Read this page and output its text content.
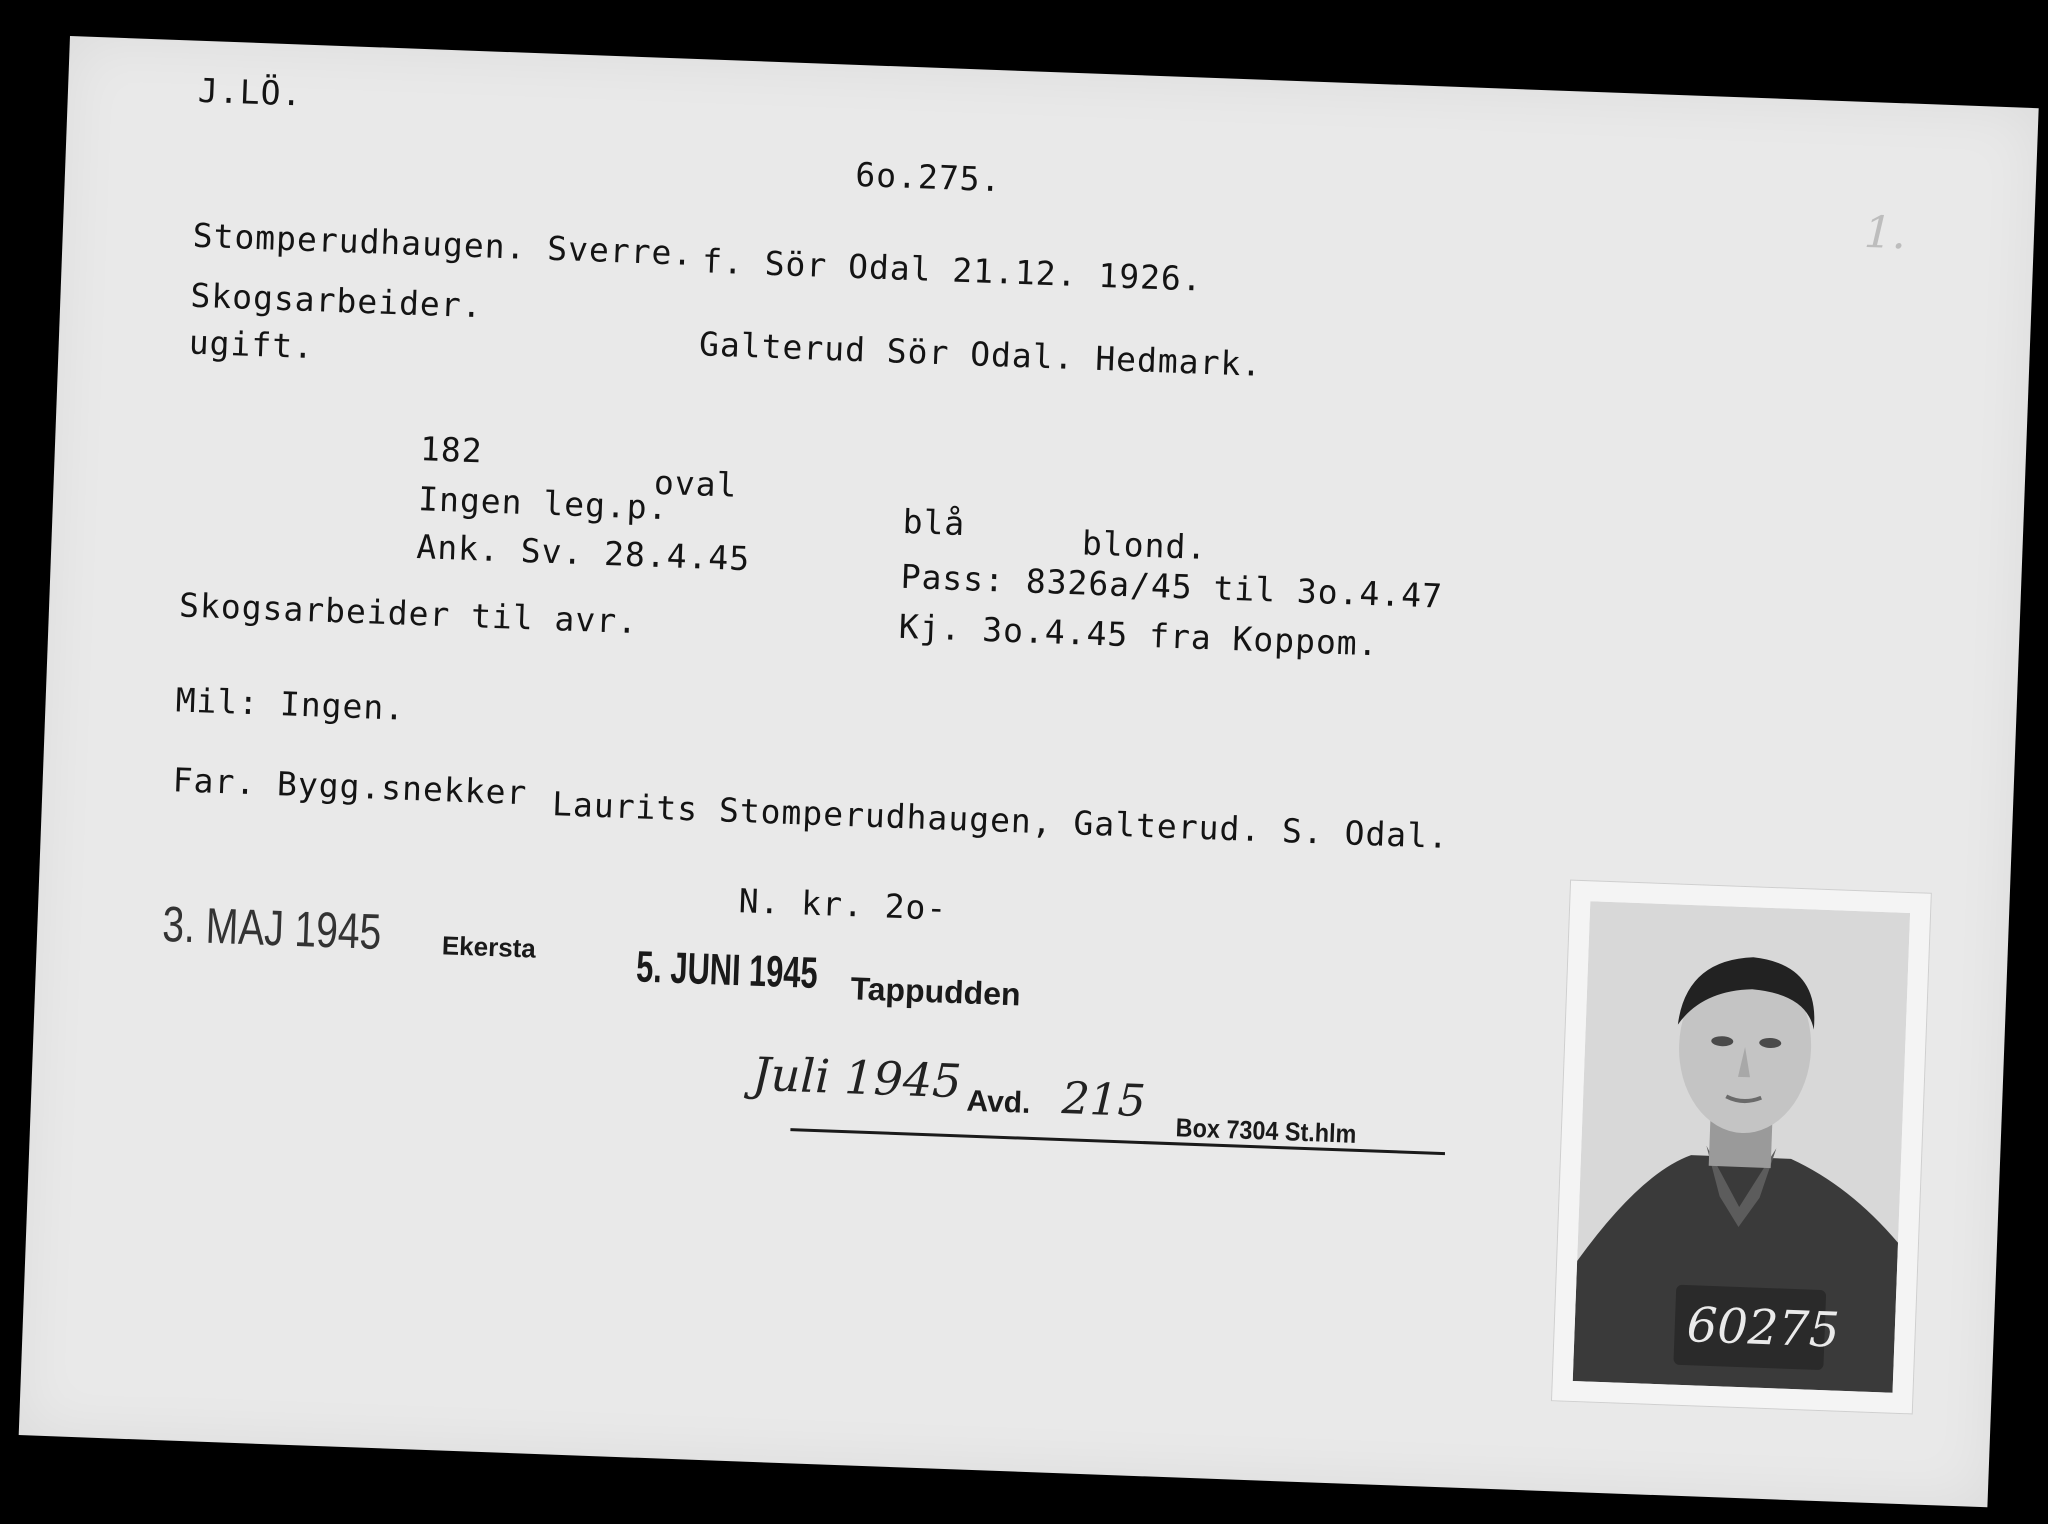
J.LÖ.
6o.275.
1.
Stomperudhaugen. Sverre. f. Sör Odal 21.12. 1926.
Skogsarbeider.
ugift.	Galterud Sör Odal. Hedmark.
182
oval
blå
blond.
Ingen leg.p.
Ank. Sv. 28.4.45
Pass: 8326a/45 til 3o.4.47
Kj. 3o.4.45 fra Koppom.
Skogsarbeider til avr.
Mil: Ingen.
Far. Bygg.snekker Laurits Stomperudhaugen, Galterud. S. Odal.
N. kr. 2o-
3. MAJ 1945 Ekersta 5. JUNI 1945 Tappudden
Juli 1945 Avd. 215
Box 7304 St.hlm
60275
